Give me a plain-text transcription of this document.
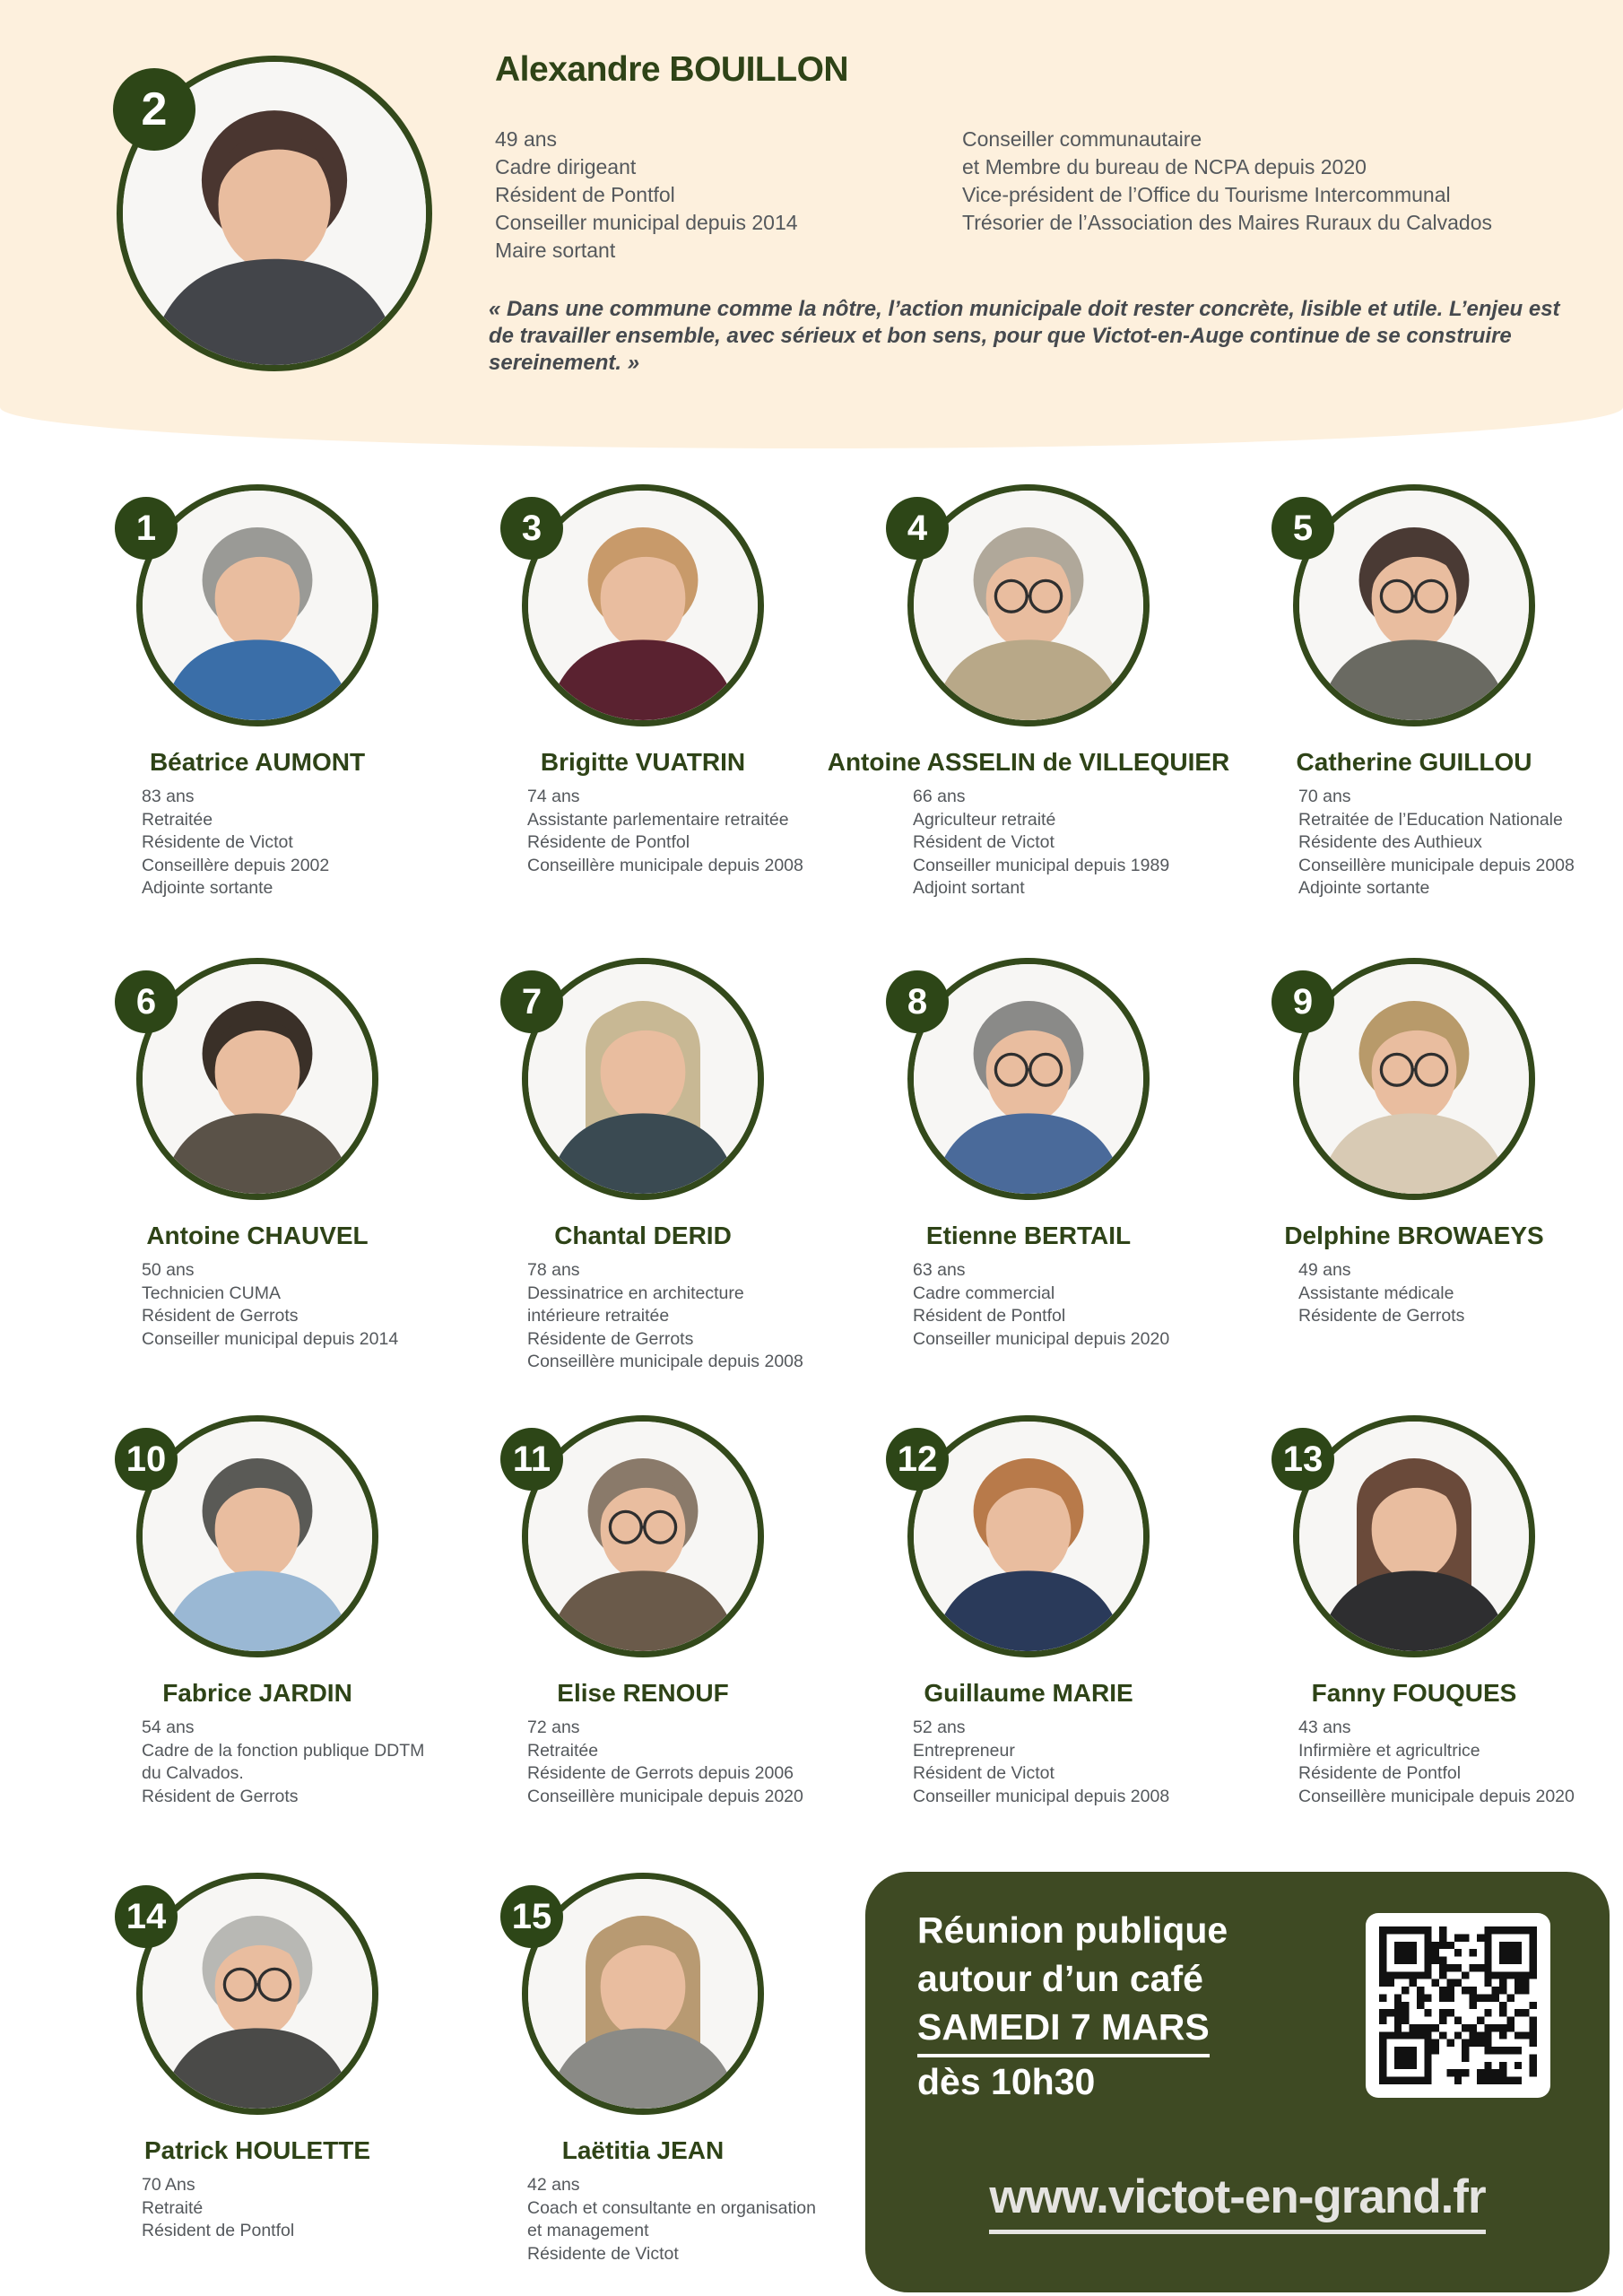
2
Alexandre BOUILLON
49 ans
Cadre dirigeant
Résident de Pontfol
Conseiller municipal depuis 2014
Maire sortant
Conseiller communautaire
et Membre du bureau de NCPA depuis 2020
Vice-président de l’Office du Tourisme Intercommunal
Trésorier de l’Association des Maires Ruraux du Calvados
« Dans une commune comme la nôtre, l’action municipale doit rester concrète, lisible et utile. L’enjeu est de travailler ensemble, avec sérieux et bon sens, pour que Victot-en-Auge continue de se construire sereinement. »
1
Béatrice AUMONT
83 ans
Retraitée
Résidente de Victot
Conseillère depuis 2002
Adjointe sortante
3
Brigitte VUATRIN
74 ans
Assistante parlementaire retraitée
Résidente de Pontfol
Conseillère municipale depuis 2008
4
Antoine ASSELIN de VILLEQUIER
66 ans
Agriculteur retraité
Résident de Victot
Conseiller municipal depuis 1989
Adjoint sortant
5
Catherine GUILLOU
70 ans
Retraitée de l’Education Nationale
Résidente des Authieux
Conseillère municipale depuis 2008
Adjointe sortante
6
Antoine CHAUVEL
50 ans
Technicien CUMA
Résident de Gerrots
Conseiller municipal depuis 2014
7
Chantal DERID
78 ans
Dessinatrice en architecture
intérieure retraitée
Résidente de Gerrots
Conseillère municipale depuis 2008
8
Etienne BERTAIL
63 ans
Cadre commercial
Résident de Pontfol
Conseiller municipal depuis 2020
9
Delphine BROWAEYS
49 ans
Assistante médicale
Résidente de Gerrots
10
Fabrice JARDIN
54 ans
Cadre de la fonction publique DDTM
du Calvados.
Résident de Gerrots
11
Elise RENOUF
72 ans
Retraitée
Résidente de Gerrots depuis 2006
Conseillère municipale depuis 2020
12
Guillaume MARIE
52 ans
Entrepreneur
Résident de Victot
Conseiller municipal depuis 2008
13
Fanny FOUQUES
43 ans
Infirmière et agricultrice
Résidente de Pontfol
Conseillère municipale depuis 2020
14
Patrick HOULETTE
70 Ans
Retraité
Résident de Pontfol
15
Laëtitia JEAN
42 ans
Coach et consultante en organisation
et management
Résidente de Victot
Réunion publique
autour d’un café
SAMEDI 7 MARS
dès 10h30
www.victot-en-grand.fr
